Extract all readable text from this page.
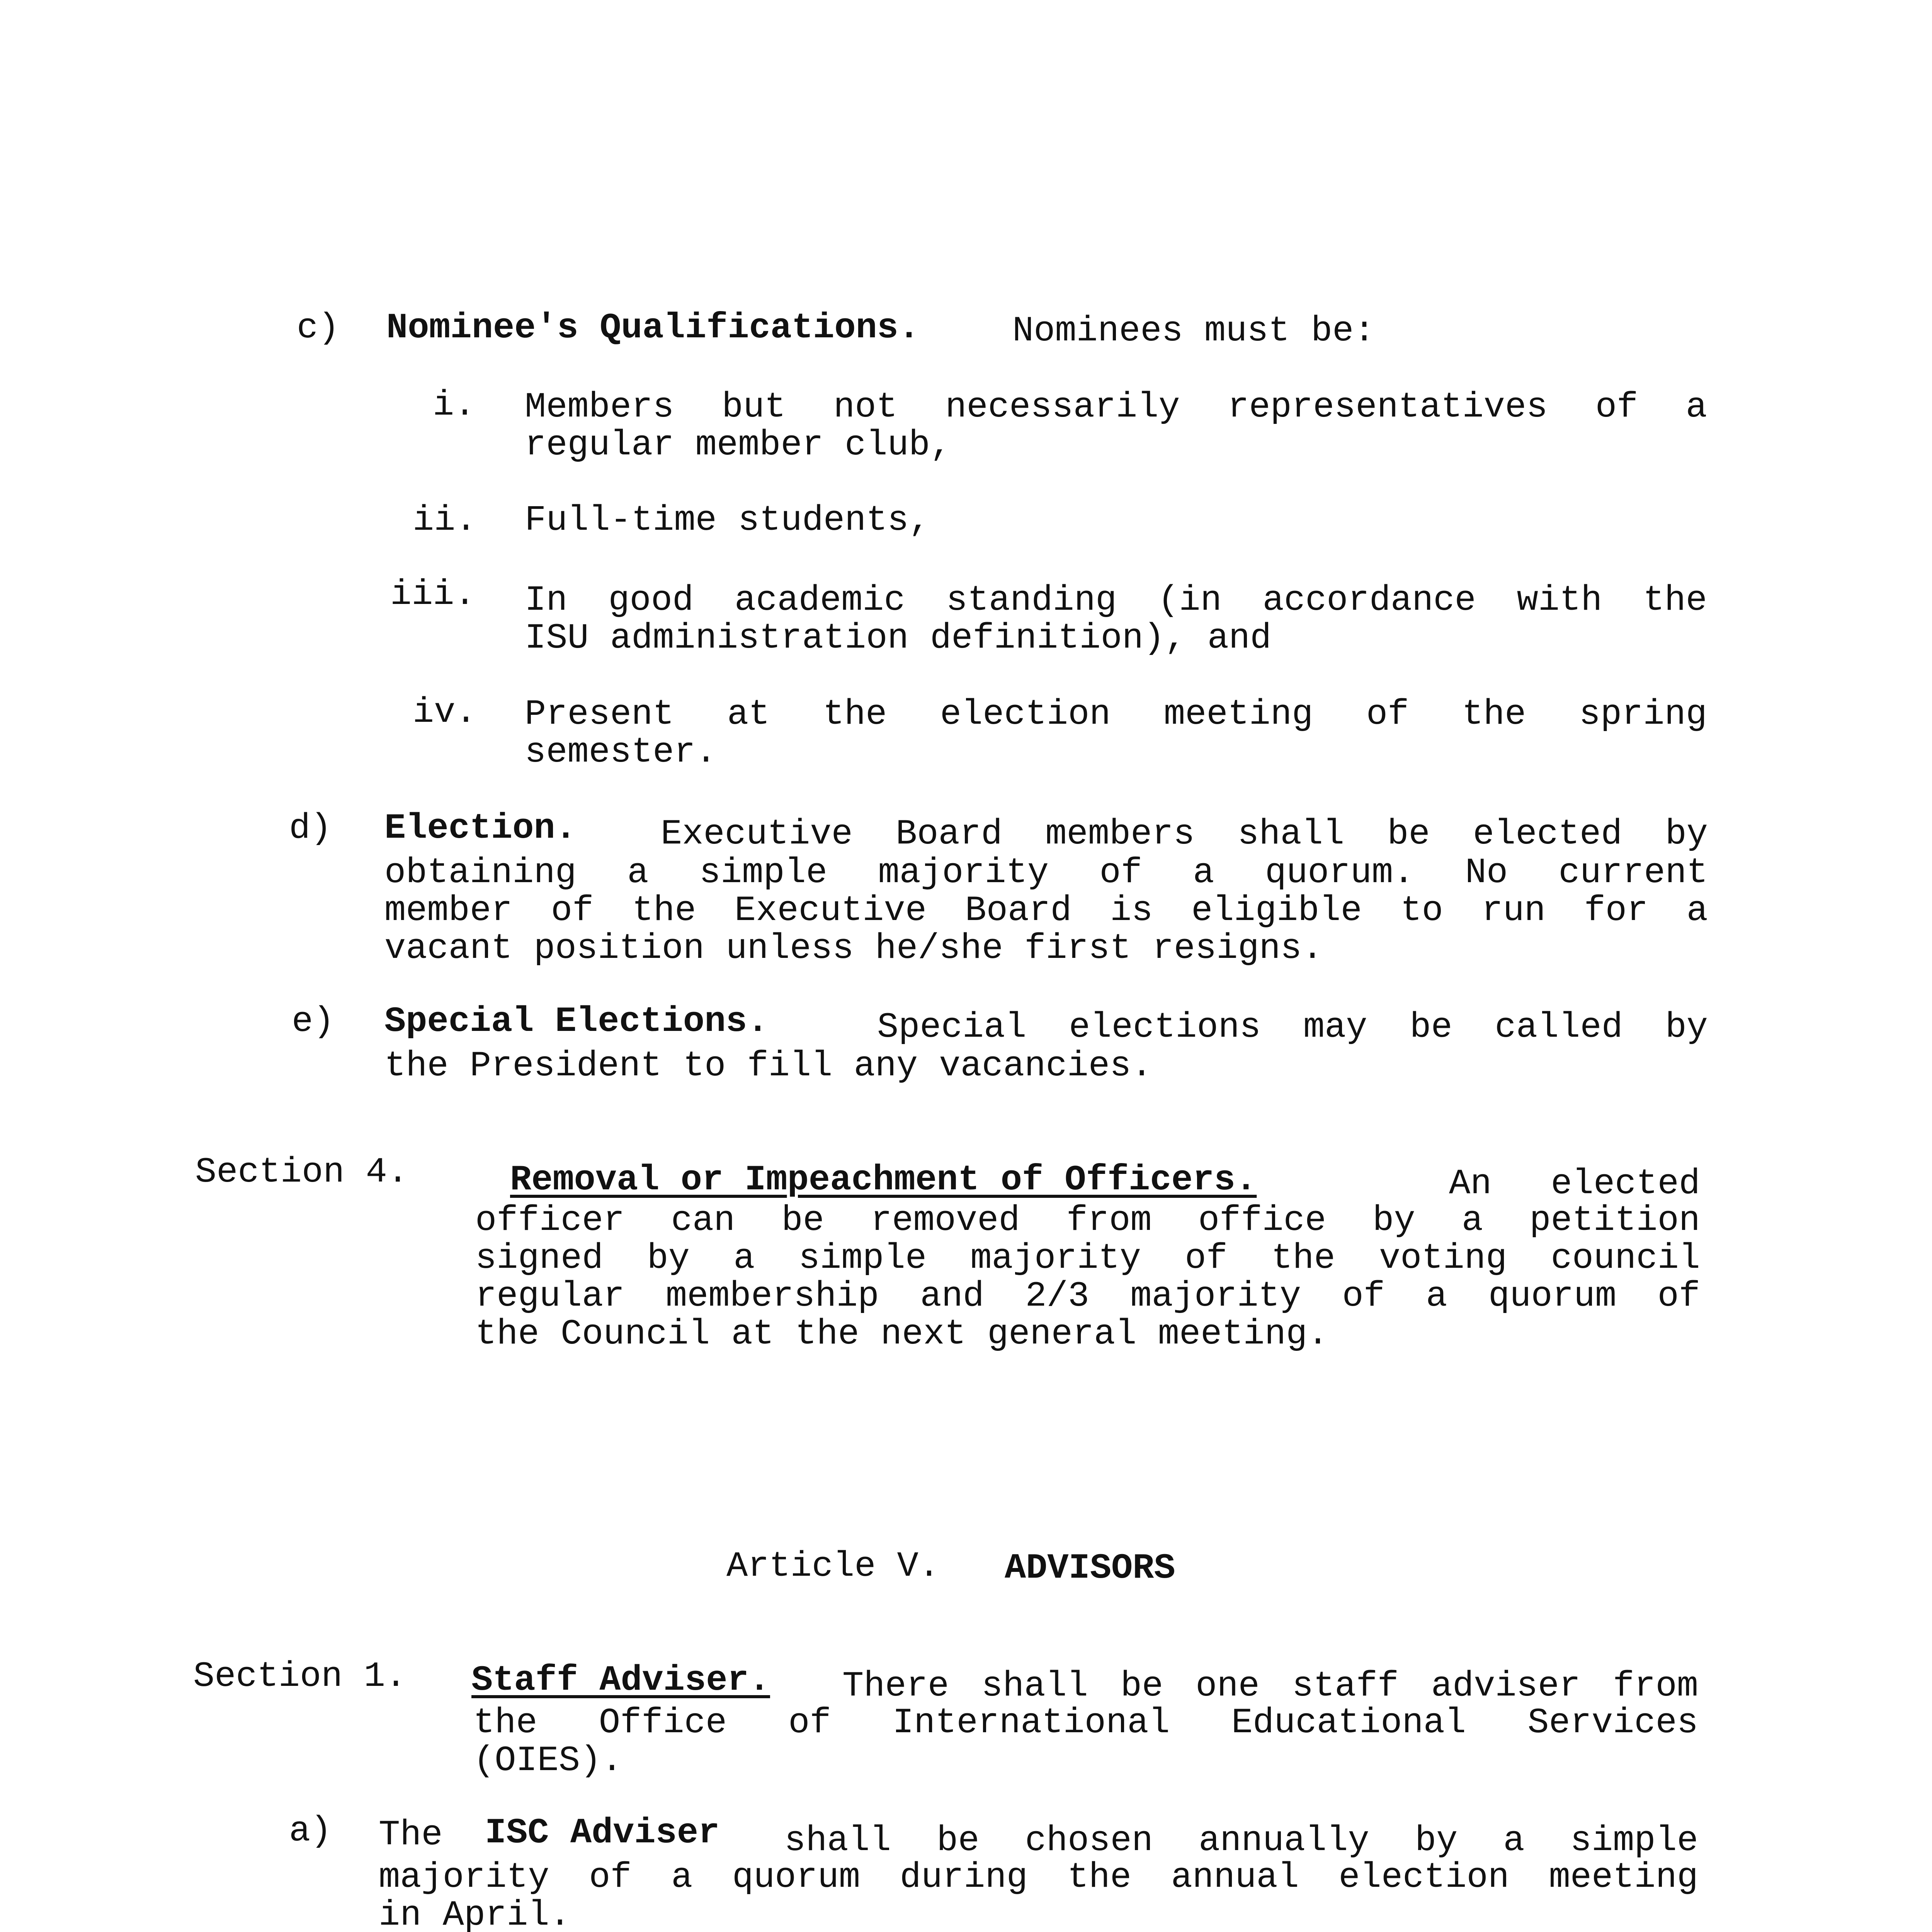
c) Nominee's Qualifications.	Nominees must be:
i. Members but not necessarily representatives of a
regular member club,
ii. Full-time students,
iii. In good academic standing (in accordance with the
ISU administration definition), and
iv. Present at the election meeting of the spring
semester.
d) Election. Executive Board members shall be elected by
obtaining a simple majority of a quorum. No current
member of the Executive Board is eligible to run for a
vacant position unless he/she first resigns.
e) Special Elections.	Special elections may be called by
the President to fill any vacancies.
Section 4.	Removal or Impeachment of Officers.	An elected
officer can be removed from office by a petition
signed by a simple majority of the voting council
regular membership and 2/3 majority of a quorum of
the Council at the next general meeting.
Article V. ADVISORS
Section 1. Staff Adviser. There shall be one staff adviser from
the Office of International Educational Services
(OIES).
a) The ISC Adviser shall be chosen annually by a simple
majority of a quorum during the annual election meeting
in April.
